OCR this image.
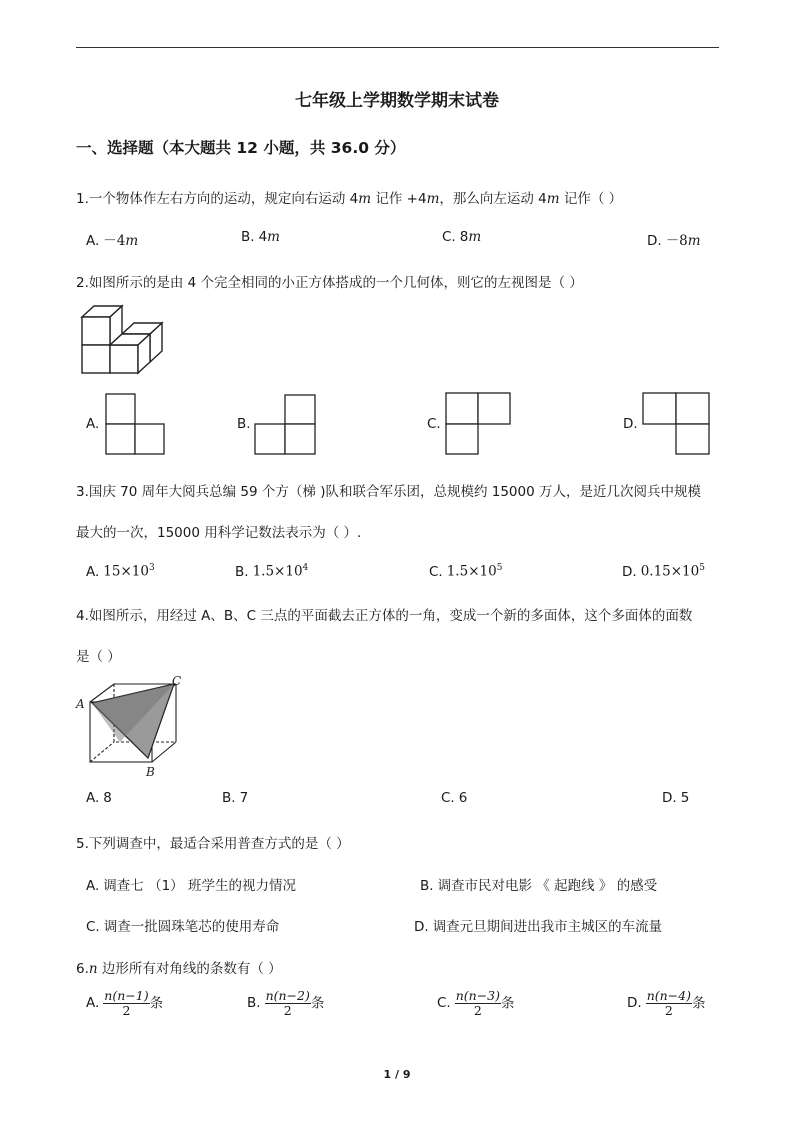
七年级上学期数学期末试卷
一、选择题（本大题共 12 小题，共 36.0 分）
1.一个物体作左右方向的运动，规定向右运动 4m 记作 +4m，那么向左运动 4m 记作（ ）
A. －4m	B. 4m	C. 8m	D. －8m
2.如图所示的是由 4 个完全相同的小正方体搭成的一个几何体，则它的左视图是（ ）
A.	B.	C.	D.
3.国庆 70 周年大阅兵总编 59 个方（梯 )队和联合军乐团，总规模约 15000 万人，是近几次阅兵中规模
最大的一次，15000 用科学记数法表示为（ ）.
A. $15\times 10^3$	B. $1.5\times 10^4$	C. $1.5\times 10^5$	D. $0.15\times 10^5$
4.如图所示，用经过 A、B、C 三点的平面截去正方体的一角，变成一个新的多面体，这个多面体的面数
是（ ）
A
B
C
A. 8	B. 7	C. 6	D. 5
5.下列调查中，最适合采用普查方式的是（ ）
A. 调查七 （1） 班学生的视力情况	B. 调查市民对电影 《 起跑线 》 的感受
C. 调查一批圆珠笔芯的使用寿命	D. 调查元旦期间进出我市主城区的车流量
6.n 边形所有对角线的条数有（ ）
A. $\frac{n(n-1)}{2}$ 条	B. $\frac{n(n-2)}{2}$ 条	C. $\frac{n(n-3)}{2}$ 条	D. $\frac{n(n-4)}{2}$ 条
1 / 9
